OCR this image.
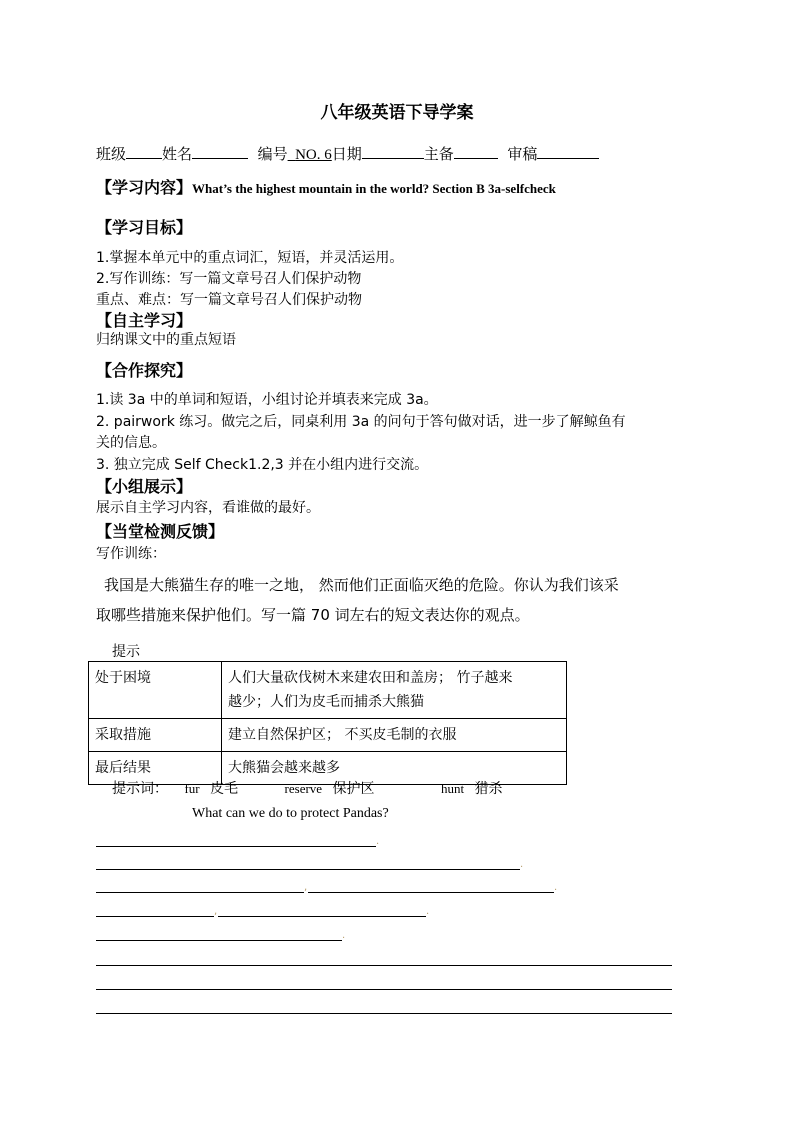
八年级英语下导学案
班级 姓名	编号 NO. 6日期	主备	审稿
【学习内容】What’s the highest mountain in the world? Section B 3a-selfcheck
【学习目标】
1.掌握本单元中的重点词汇，短语，并灵活运用。
2.写作训练：写一篇文章号召人们保护动物
重点、难点：写一篇文章号召人们保护动物
【自主学习】
归纳课文中的重点短语
【合作探究】
1.读 3a 中的单词和短语，小组讨论并填表来完成 3a。
2. pairwork 练习。做完之后，同桌利用 3a 的问句于答句做对话，进一步了解鲸鱼有
关的信息。
3. 独立完成 Self Check1.2,3 并在小组内进行交流。
【小组展示】
展示自主学习内容，看谁做的最好。
【当堂检测反馈】
写作训练：
我国是大熊猫生存的唯一之地， 然而他们正面临灭绝的危险。你认为我们该采
取哪些措施来保护他们。写一篇 70 词左右的短文表达你的观点。
提示
处于困境	人们大量砍伐树木来建农田和盖房； 竹子越来
越少；人们为皮毛而捕杀大熊猫
采取措施	建立自然保护区； 不买皮毛制的衣服
最后结果	大熊猫会越来越多
提示词： fur 皮毛	reserve 保护区	hunt 猎杀
What can we do to protect Pandas?
.
.
,	.
,	.
.
